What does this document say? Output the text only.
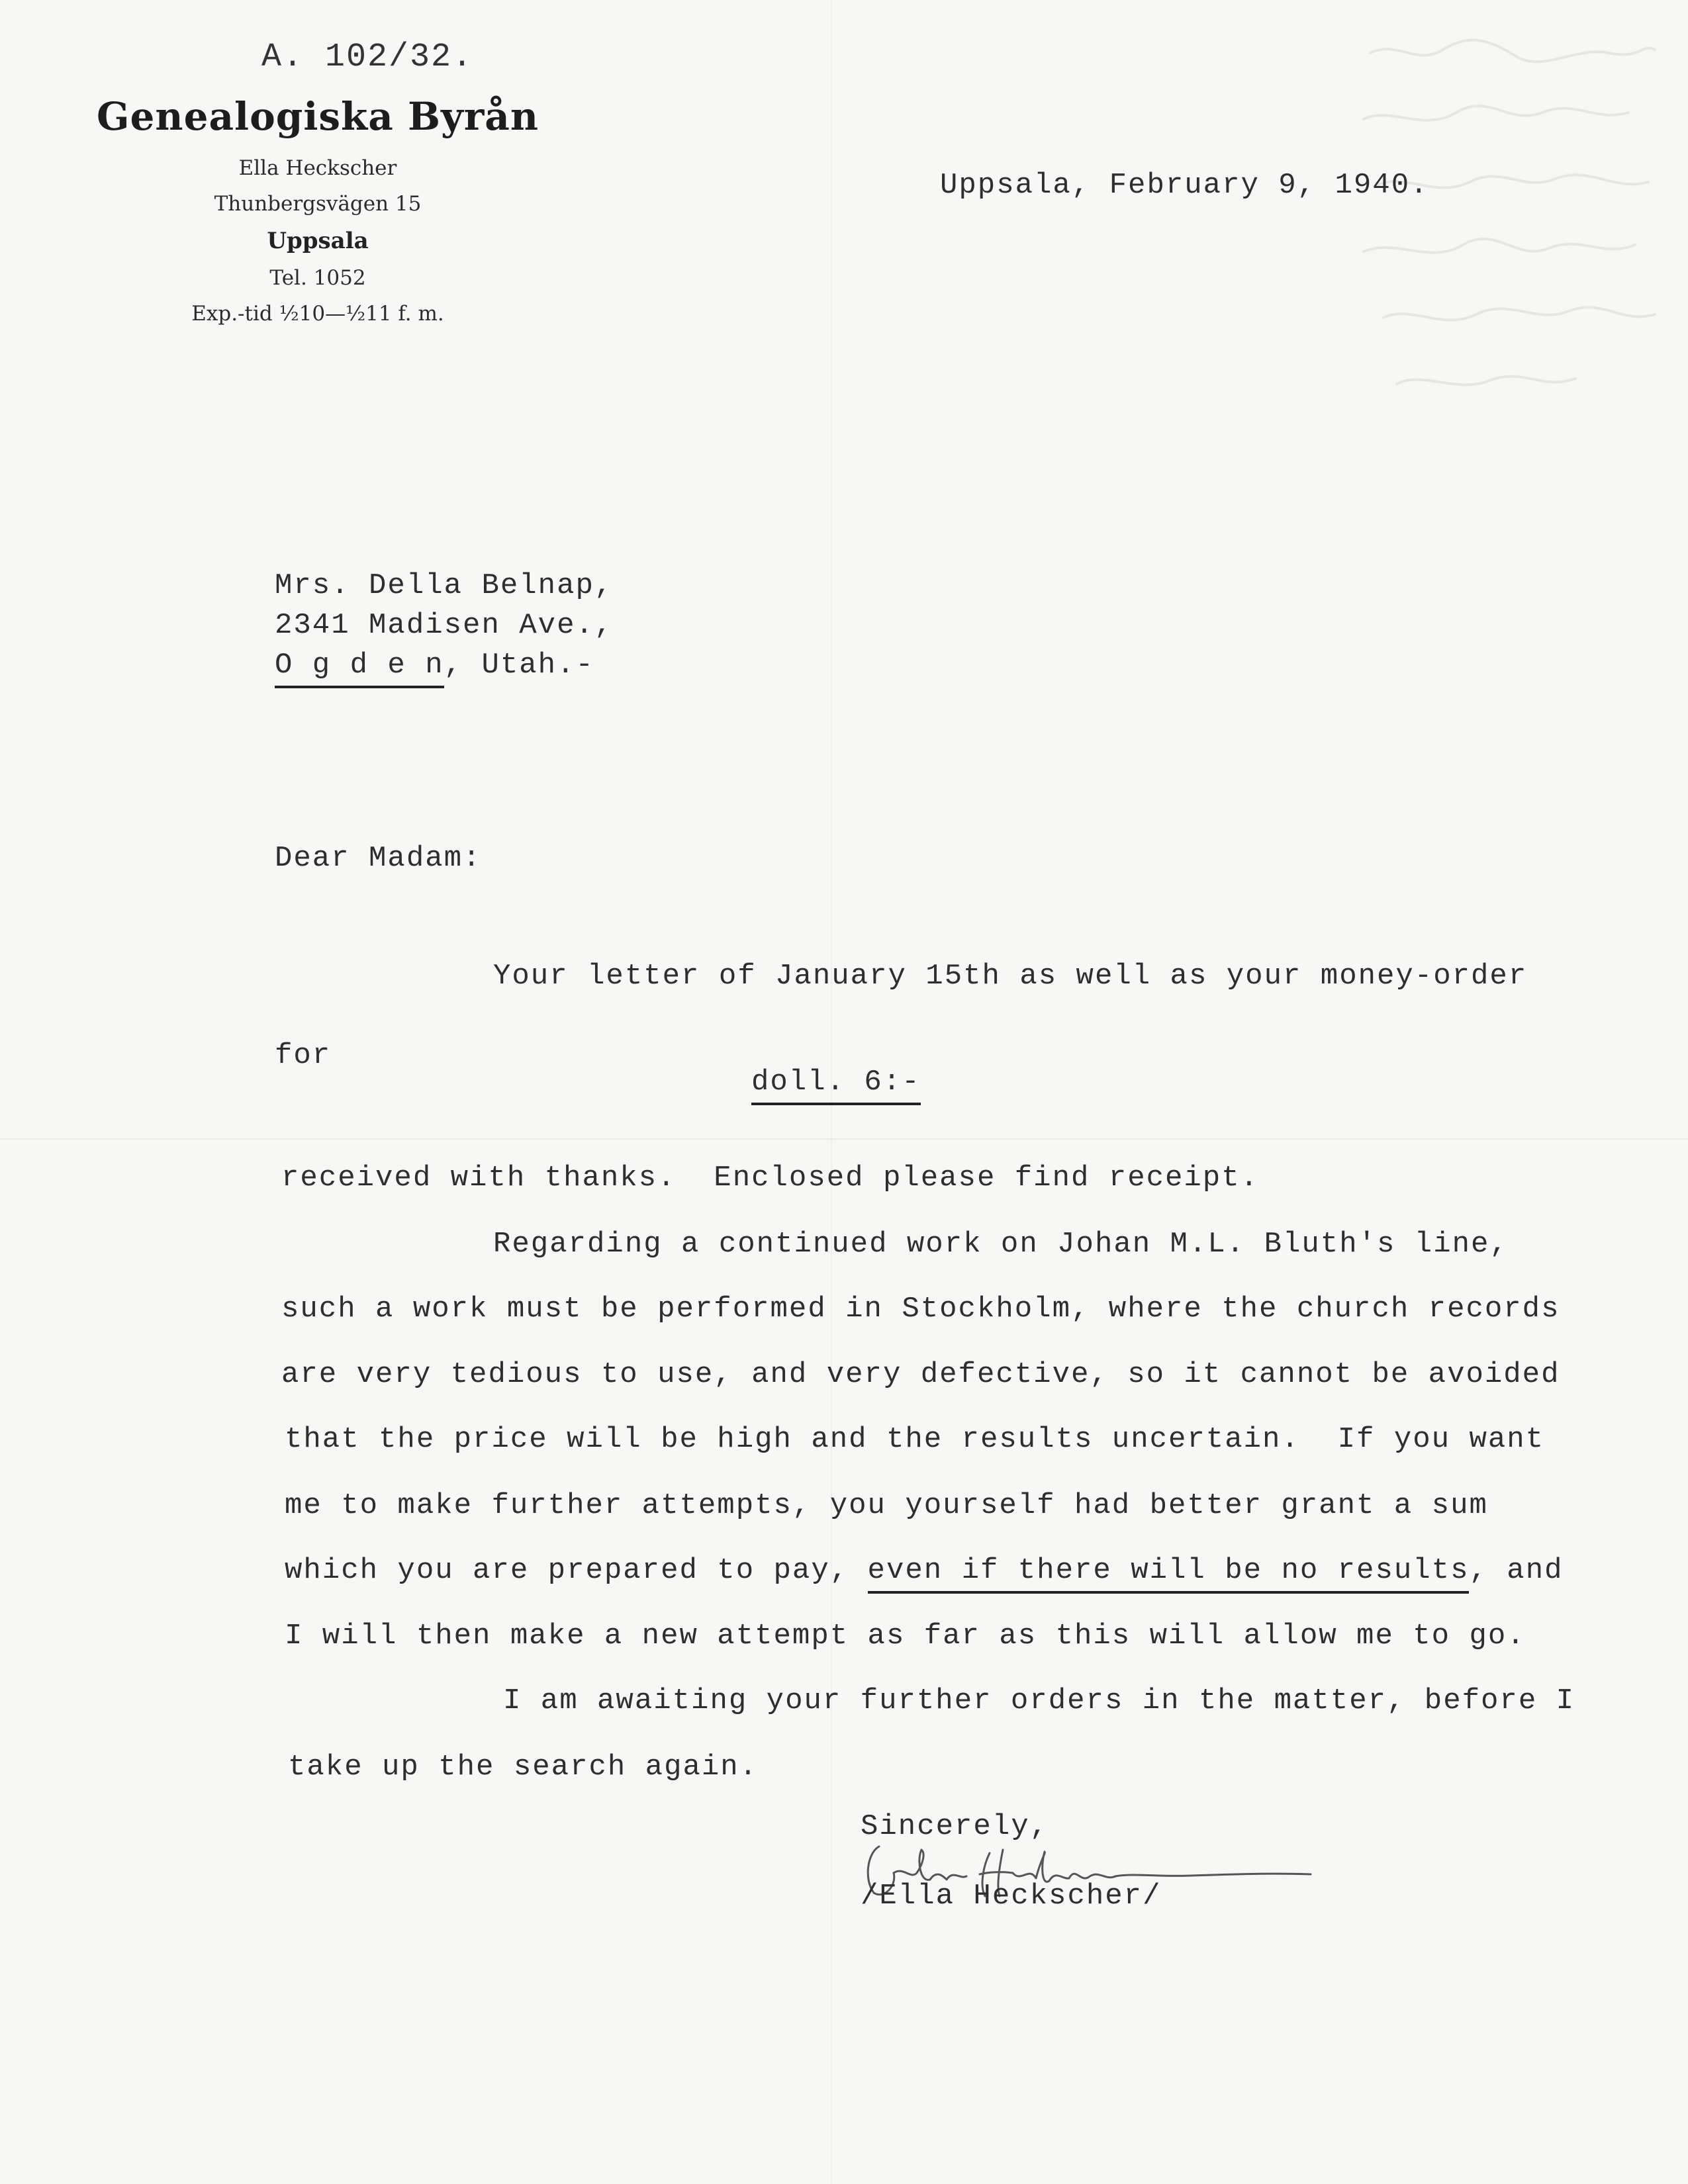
A. 102/32.
Genealogiska Byrån
Ella Heckscher
Thunbergsvägen 15
Uppsala
Tel. 1052
Exp.-tid ½10—½11 f. m.
Uppsala, February 9, 1940.
Mrs. Della Belnap,
2341 Madisen Ave.,
O g d e n, Utah.-
Dear Madam:
Your letter of January 15th as well as your money-order
for
doll. 6:-
received with thanks.  Enclosed please find receipt.
Regarding a continued work on Johan M.L. Bluth's line,
such a work must be performed in Stockholm, where the church records
are very tedious to use, and very defective, so it cannot be avoided
that the price will be high and the results uncertain.  If you want
me to make further attempts, you yourself had better grant a sum
which you are prepared to pay, even if there will be no results, and
I will then make a new attempt as far as this will allow me to go.
I am awaiting your further orders in the matter, before I
take up the search again.
Sincerely,
/Ella Heckscher/
